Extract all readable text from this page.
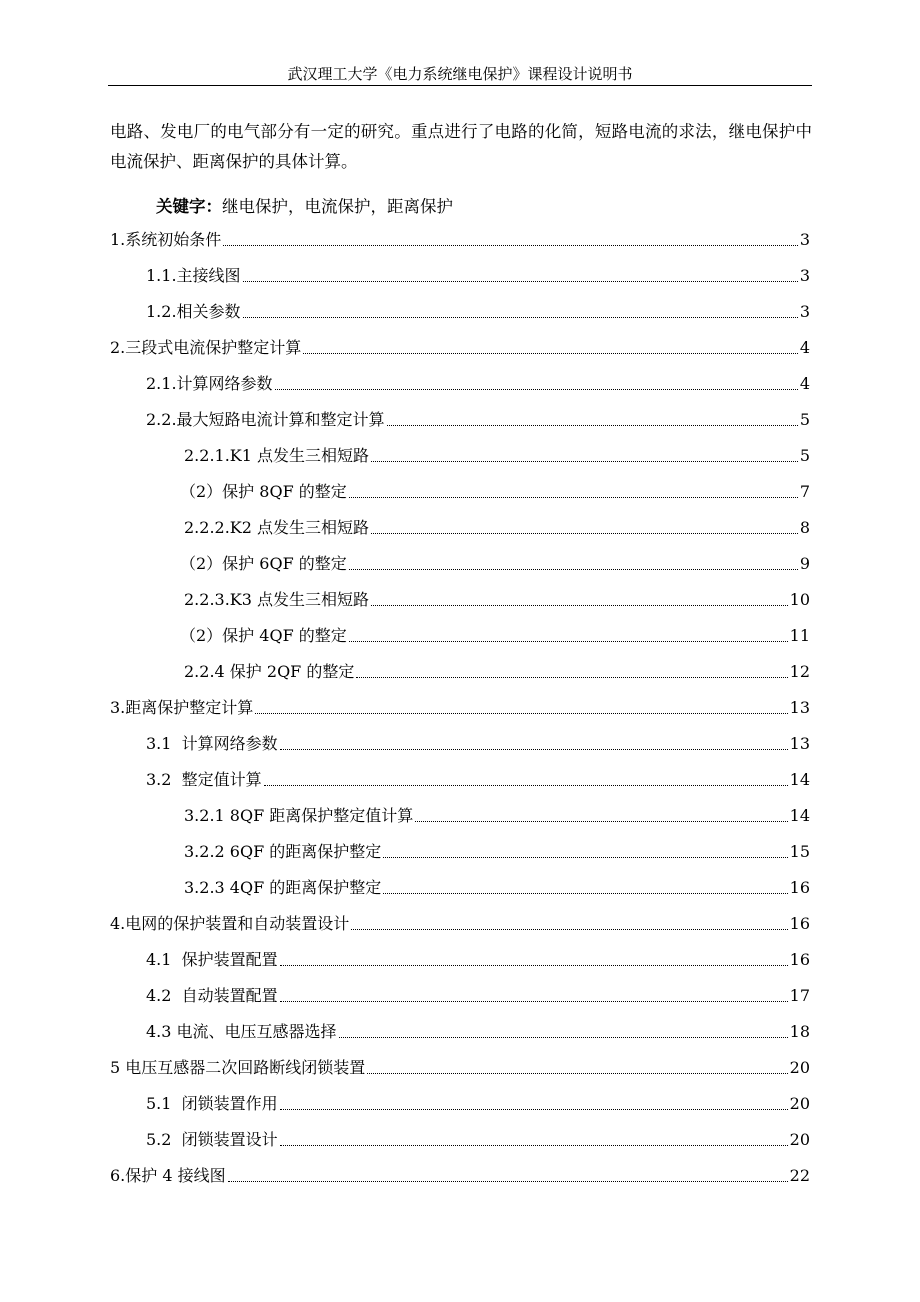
武汉理工大学《电力系统继电保护》课程设计说明书

电路、发电厂的电气部分有一定的研究。重点进行了电路的化简，短路电流的求法，继电保护中电流保护、距离保护的具体计算。

关键字：继电保护，电流保护，距离保护
1.系统初始条件	3
1.1.主接线图	3
1.2.相关参数	3
2.三段式电流保护整定计算	4
2.1.计算网络参数	4
2.2.最大短路电流计算和整定计算	5
2.2.1.K1 点发生三相短路	5
（2）保护 8QF 的整定	7
2.2.2.K2 点发生三相短路	8
（2）保护 6QF 的整定	9
2.2.3.K3 点发生三相短路	10
（2）保护 4QF 的整定	11
2.2.4 保护 2QF 的整定	12
3.距离保护整定计算	13
3.1  计算网络参数	13
3.2  整定值计算	14
3.2.1 8QF 距离保护整定值计算	14
3.2.2 6QF 的距离保护整定	15
3.2.3 4QF 的距离保护整定	16
4.电网的保护装置和自动装置设计	16
4.1  保护装置配置	16
4.2  自动装置配置	17
4.3 电流、电压互感器选择	18
5 电压互感器二次回路断线闭锁装置	20
5.1  闭锁装置作用	20
5.2  闭锁装置设计	20
6.保护 4 接线图	22
